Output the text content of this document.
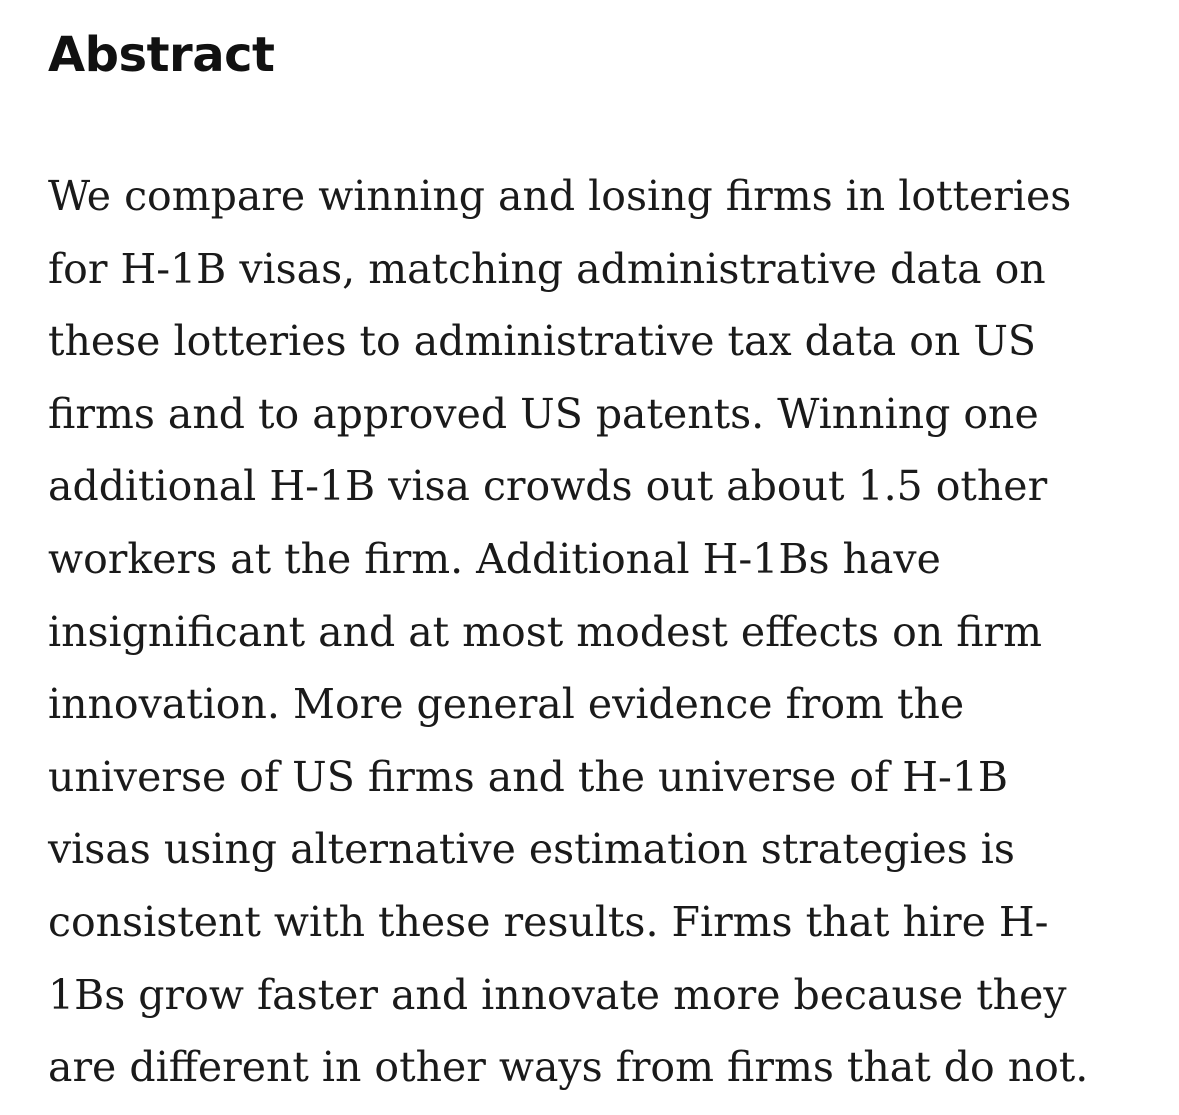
Abstract
We compare winning and losing firms in lotteries
for H-1B visas, matching administrative data on
these lotteries to administrative tax data on US
firms and to approved US patents. Winning one
additional H-1B visa crowds out about 1.5 other
workers at the firm. Additional H-1Bs have
insignificant and at most modest effects on firm
innovation. More general evidence from the
universe of US firms and the universe of H-1B
visas using alternative estimation strategies is
consistent with these results. Firms that hire H-
1Bs grow faster and innovate more because they
are different in other ways from firms that do not.
